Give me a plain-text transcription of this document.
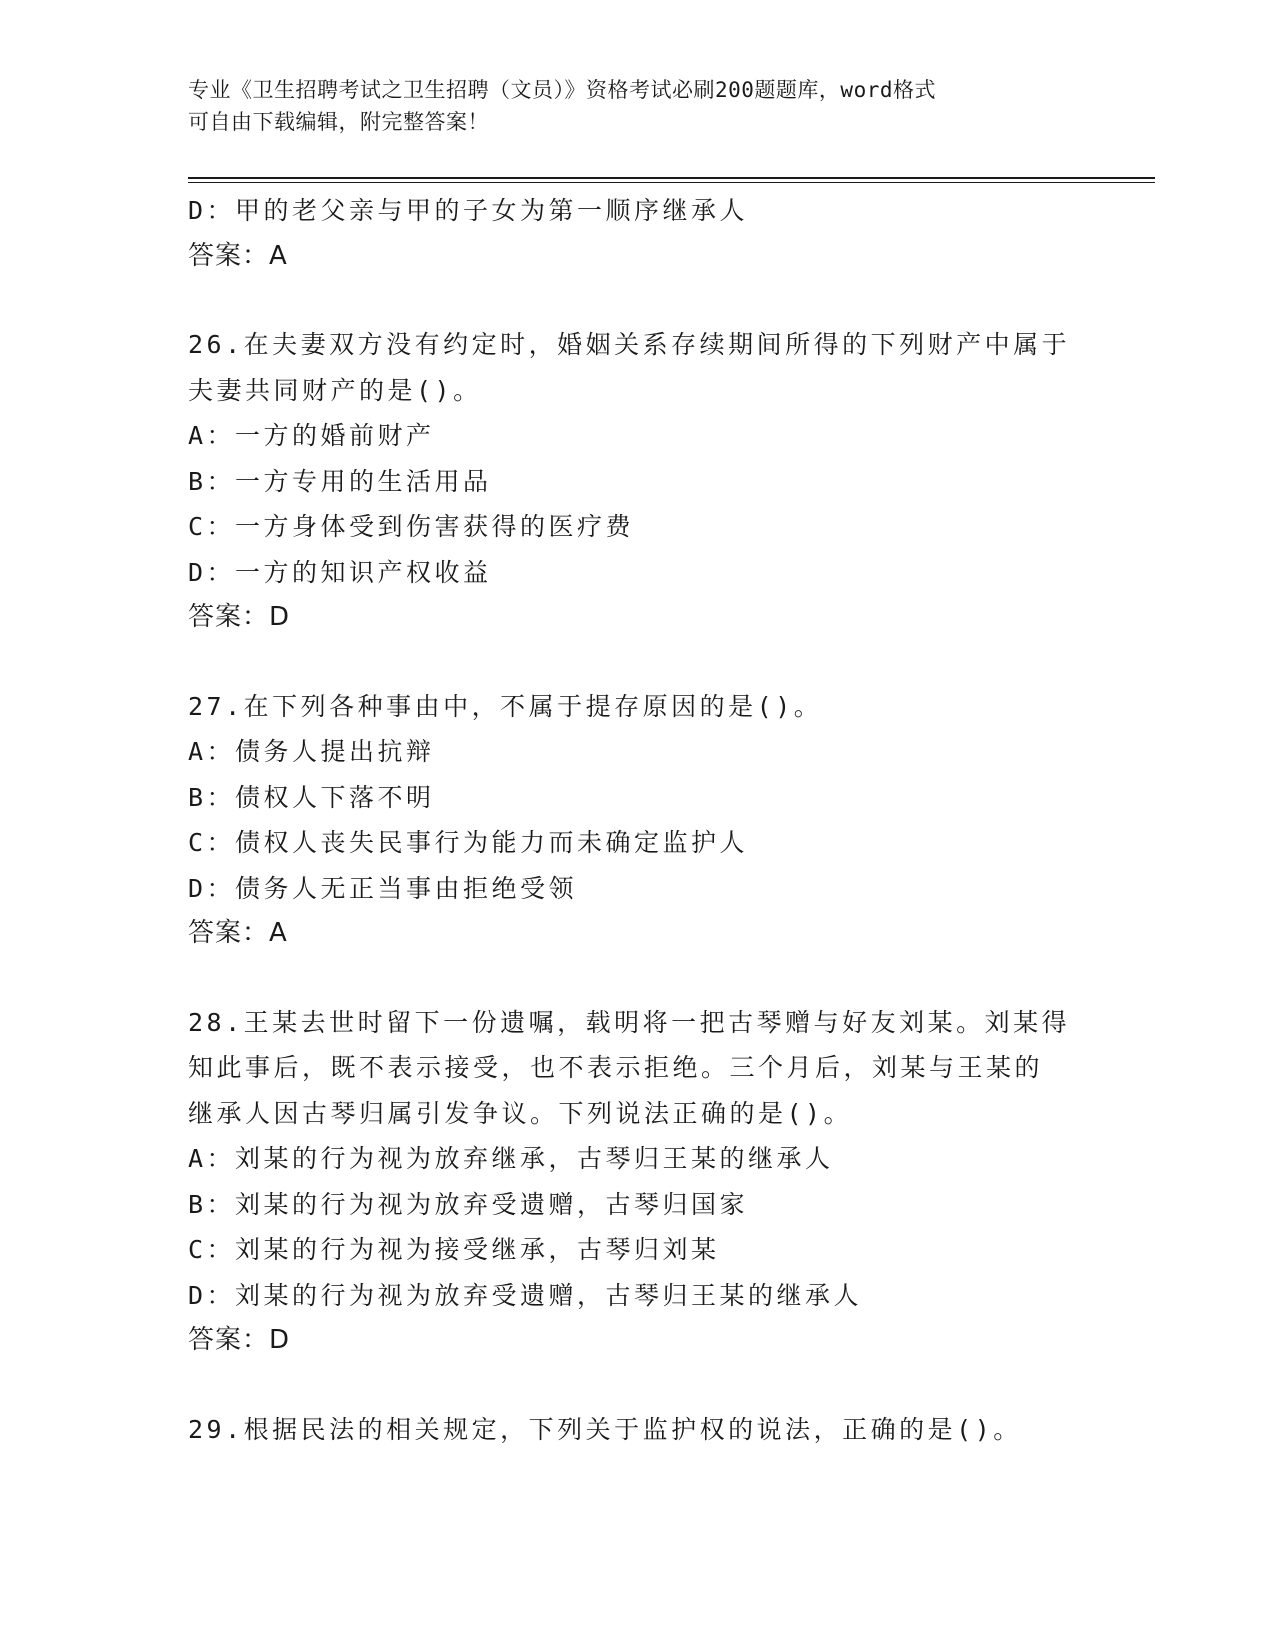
专业《卫生招聘考试之卫生招聘（文员）》资格考试必刷200题题库，word格式
可自由下载编辑，附完整答案！
D：甲的老父亲与甲的子女为第一顺序继承人
答案：A
26.在夫妻双方没有约定时，婚姻关系存续期间所得的下列财产中属于
夫妻共同财产的是()。
A：一方的婚前财产
B：一方专用的生活用品
C：一方身体受到伤害获得的医疗费
D：一方的知识产权收益
答案：D
27.在下列各种事由中，不属于提存原因的是()。
A：债务人提出抗辩
B：债权人下落不明
C：债权人丧失民事行为能力而未确定监护人
D：债务人无正当事由拒绝受领
答案：A
28.王某去世时留下一份遗嘱，载明将一把古琴赠与好友刘某。刘某得
知此事后，既不表示接受，也不表示拒绝。三个月后，刘某与王某的
继承人因古琴归属引发争议。下列说法正确的是()。
A：刘某的行为视为放弃继承，古琴归王某的继承人
B：刘某的行为视为放弃受遗赠，古琴归国家
C：刘某的行为视为接受继承，古琴归刘某
D：刘某的行为视为放弃受遗赠，古琴归王某的继承人
答案：D
29.根据民法的相关规定，下列关于监护权的说法，正确的是()。
